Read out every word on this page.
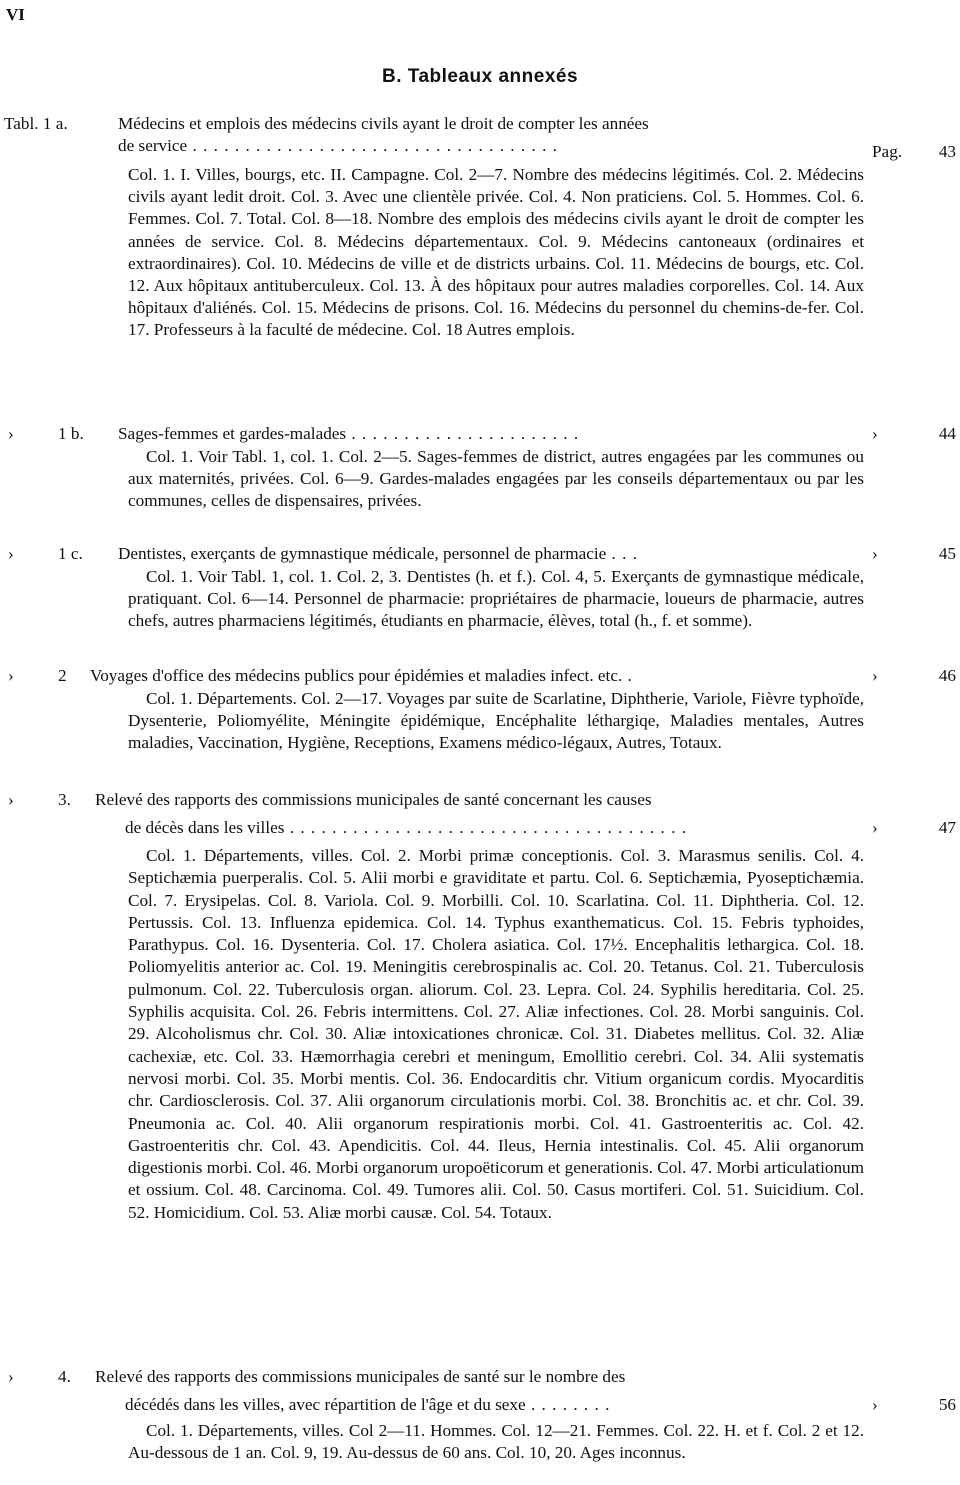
VI
B. Tableaux annexés
Tabl. 1 a.	Médecins et emplois des médecins civils ayant le droit de compter les années
de service . . . . . . . . . . . . . . . . . . . . . . . . . . . . . . . . . . .	Pag. 43
Col. 1. I. Villes, bourgs, etc. II. Campagne. Col. 2—7. Nombre des médecins légitimés. Col. 2. Médecins civils ayant ledit droit. Col. 3. Avec une clientèle privée. Col. 4. Non praticiens. Col. 5. Hommes. Col. 6. Femmes. Col. 7. Total. Col. 8—18. Nombre des emplois des médecins civils ayant le droit de compter les années de service. Col. 8. Médecins départementaux. Col. 9. Médecins cantoneaux (ordinaires et extraordinaires). Col. 10. Médecins de ville et de districts urbains. Col. 11. Médecins de bourgs, etc. Col. 12. Aux hôpitaux antituberculeux. Col. 13. À des hôpitaux pour autres maladies corporelles. Col. 14. Aux hôpitaux d'aliénés. Col. 15. Médecins de prisons. Col. 16. Médecins du personnel du chemins-de-fer. Col. 17. Professeurs à la faculté de médecine. Col. 18 Autres emplois.
›	1 b. Sages-femmes et gardes-malades . . . . . . . . . . . . . . . . . . . . . .	›	44
Col. 1. Voir Tabl. 1, col. 1. Col. 2—5. Sages-femmes de district, autres engagées par les communes ou aux maternités, privées. Col. 6—9. Gardes-malades engagées par les conseils départementaux ou par les communes, celles de dispensaires, privées.
›	1 c. Dentistes, exerçants de gymnastique médicale, personnel de pharmacie . . .	›	45
Col. 1. Voir Tabl. 1, col. 1. Col. 2, 3. Dentistes (h. et f.). Col. 4, 5. Exerçants de gymnastique médicale, pratiquant. Col. 6—14. Personnel de pharmacie: propriétaires de pharmacie, loueurs de pharmacie, autres chefs, autres pharmaciens légitimés, étudiants en pharmacie, élèves, total (h., f. et somme).
›	2 Voyages d'office des médecins publics pour épidémies et maladies infect. etc. .	›	46
Col. 1. Départements. Col. 2—17. Voyages par suite de Scarlatine, Diphtherie, Variole, Fièvre typhoïde, Dysenterie, Poliomyélite, Méningite épidémique, Encéphalite léthargiqe, Maladies mentales, Autres maladies, Vaccination, Hygiène, Receptions, Examens médico-légaux, Autres, Totaux.
›	3. Relevé des rapports des commissions municipales de santé concernant les causes
de décès dans les villes . . . . . . . . . . . . . . . . . . . . . . . . . . . . . . . . . . . . . .	›	47
Col. 1. Départements, villes. Col. 2. Morbi primæ conceptionis. Col. 3. Marasmus senilis. Col. 4. Septichæmia puerperalis. Col. 5. Alii morbi e graviditate et partu. Col. 6. Septichæmia, Pyoseptichæmia. Col. 7. Erysipelas. Col. 8. Variola. Col. 9. Morbilli. Col. 10. Scarlatina. Col. 11. Diphtheria. Col. 12. Pertussis. Col. 13. Influenza epidemica. Col. 14. Typhus exanthematicus. Col. 15. Febris typhoides, Parathypus. Col. 16. Dysenteria. Col. 17. Cholera asiatica. Col. 17½. Encephalitis lethargica. Col. 18. Poliomyelitis anterior ac. Col. 19. Meningitis cerebrospinalis ac. Col. 20. Tetanus. Col. 21. Tuberculosis pulmonum. Col. 22. Tuberculosis organ. aliorum. Col. 23. Lepra. Col. 24. Syphilis hereditaria. Col. 25. Syphilis acquisita. Col. 26. Febris intermittens. Col. 27. Aliæ infectiones. Col. 28. Morbi sanguinis. Col. 29. Alcoholismus chr. Col. 30. Aliæ intoxicationes chronicæ. Col. 31. Diabetes mellitus. Col. 32. Aliæ cachexiæ, etc. Col. 33. Hæmorrhagia cerebri et meningum, Emollitio cerebri. Col. 34. Alii systematis nervosi morbi. Col. 35. Morbi mentis. Col. 36. Endocarditis chr. Vitium organicum cordis. Myocarditis chr. Cardiosclerosis. Col. 37. Alii organorum circulationis morbi. Col. 38. Bronchitis ac. et chr. Col. 39. Pneumonia ac. Col. 40. Alii organorum respirationis morbi. Col. 41. Gastroenteritis ac. Col. 42. Gastroenteritis chr. Col. 43. Apendicitis. Col. 44. Ileus, Hernia intestinalis. Col. 45. Alii organorum digestionis morbi. Col. 46. Morbi organorum uropoëticorum et generationis. Col. 47. Morbi articulationum et ossium. Col. 48. Carcinoma. Col. 49. Tumores alii. Col. 50. Casus mortiferi. Col. 51. Suicidium. Col. 52. Homicidium. Col. 53. Aliæ morbi causæ. Col. 54. Totaux.
›	4. Relevé des rapports des commissions municipales de santé sur le nombre des
décédés dans les villes, avec répartition de l'âge et du sexe . . . . . . . .	›	56
Col. 1. Départements, villes. Col 2—11. Hommes. Col. 12—21. Femmes. Col. 22. H. et f. Col. 2 et 12. Au-dessous de 1 an. Col. 9, 19. Au-dessus de 60 ans. Col. 10, 20. Ages inconnus.
